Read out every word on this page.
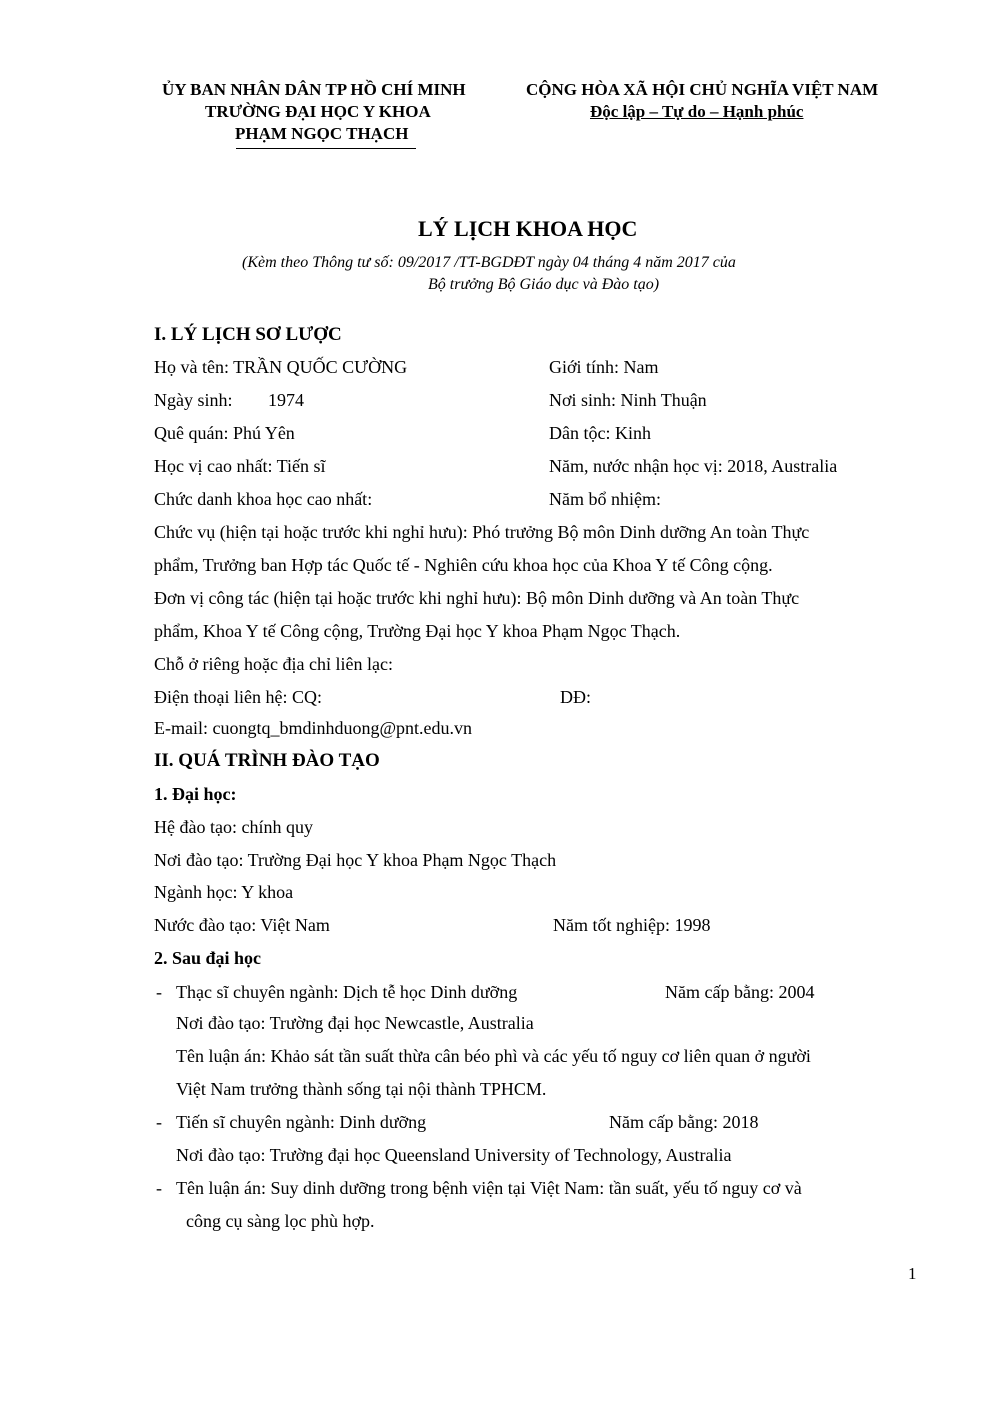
ỦY BAN NHÂN DÂN TP HỒ CHÍ MINH
TRƯỜNG ĐẠI HỌC Y KHOA
PHẠM NGỌC THẠCH
CỘNG HÒA XÃ HỘI CHỦ NGHĨA VIỆT NAM
Độc lập – Tự do – Hạnh phúc
LÝ LỊCH KHOA HỌC
(Kèm theo Thông tư số: 09/2017 /TT-BGDĐT ngày 04 tháng 4 năm 2017 của
Bộ trưởng Bộ Giáo dục và Đào tạo)
I. LÝ LỊCH SƠ LƯỢC
Họ và tên: TRẦN QUỐC CƯỜNG	Giới tính: Nam
Ngày sinh: 1974	Nơi sinh: Ninh Thuận
Quê quán: Phú Yên	Dân tộc: Kinh
Học vị cao nhất: Tiến sĩ	Năm, nước nhận học vị: 2018, Australia
Chức danh khoa học cao nhất:	Năm bổ nhiệm:
Chức vụ (hiện tại hoặc trước khi nghỉ hưu): Phó trưởng Bộ môn Dinh dưỡng An toàn Thực
phẩm, Trưởng ban Hợp tác Quốc tế - Nghiên cứu khoa học của Khoa Y tế Công cộng.
Đơn vị công tác (hiện tại hoặc trước khi nghỉ hưu): Bộ môn Dinh dưỡng và An toàn Thực
phẩm, Khoa Y tế Công cộng, Trường Đại học Y khoa Phạm Ngọc Thạch.
Chỗ ở riêng hoặc địa chỉ liên lạc:
Điện thoại liên hệ: CQ:	DĐ:
E-mail: cuongtq_bmdinhduong@pnt.edu.vn
II. QUÁ TRÌNH ĐÀO TẠO
1. Đại học:
Hệ đào tạo: chính quy
Nơi đào tạo: Trường Đại học Y khoa Phạm Ngọc Thạch
Ngành học: Y khoa
Nước đào tạo: Việt Nam	Năm tốt nghiệp: 1998
2. Sau đại học
- Thạc sĩ chuyên ngành: Dịch tễ học Dinh dưỡng	Năm cấp bằng: 2004
Nơi đào tạo: Trường đại học Newcastle, Australia
Tên luận án: Khảo sát tần suất thừa cân béo phì và các yếu tố nguy cơ liên quan ở người
Việt Nam trưởng thành sống tại nội thành TPHCM.
- Tiến sĩ chuyên ngành: Dinh dưỡng	Năm cấp bằng: 2018
Nơi đào tạo: Trường đại học Queensland University of Technology, Australia
- Tên luận án: Suy dinh dưỡng trong bệnh viện tại Việt Nam: tần suất, yếu tố nguy cơ và
công cụ sàng lọc phù hợp.
1
